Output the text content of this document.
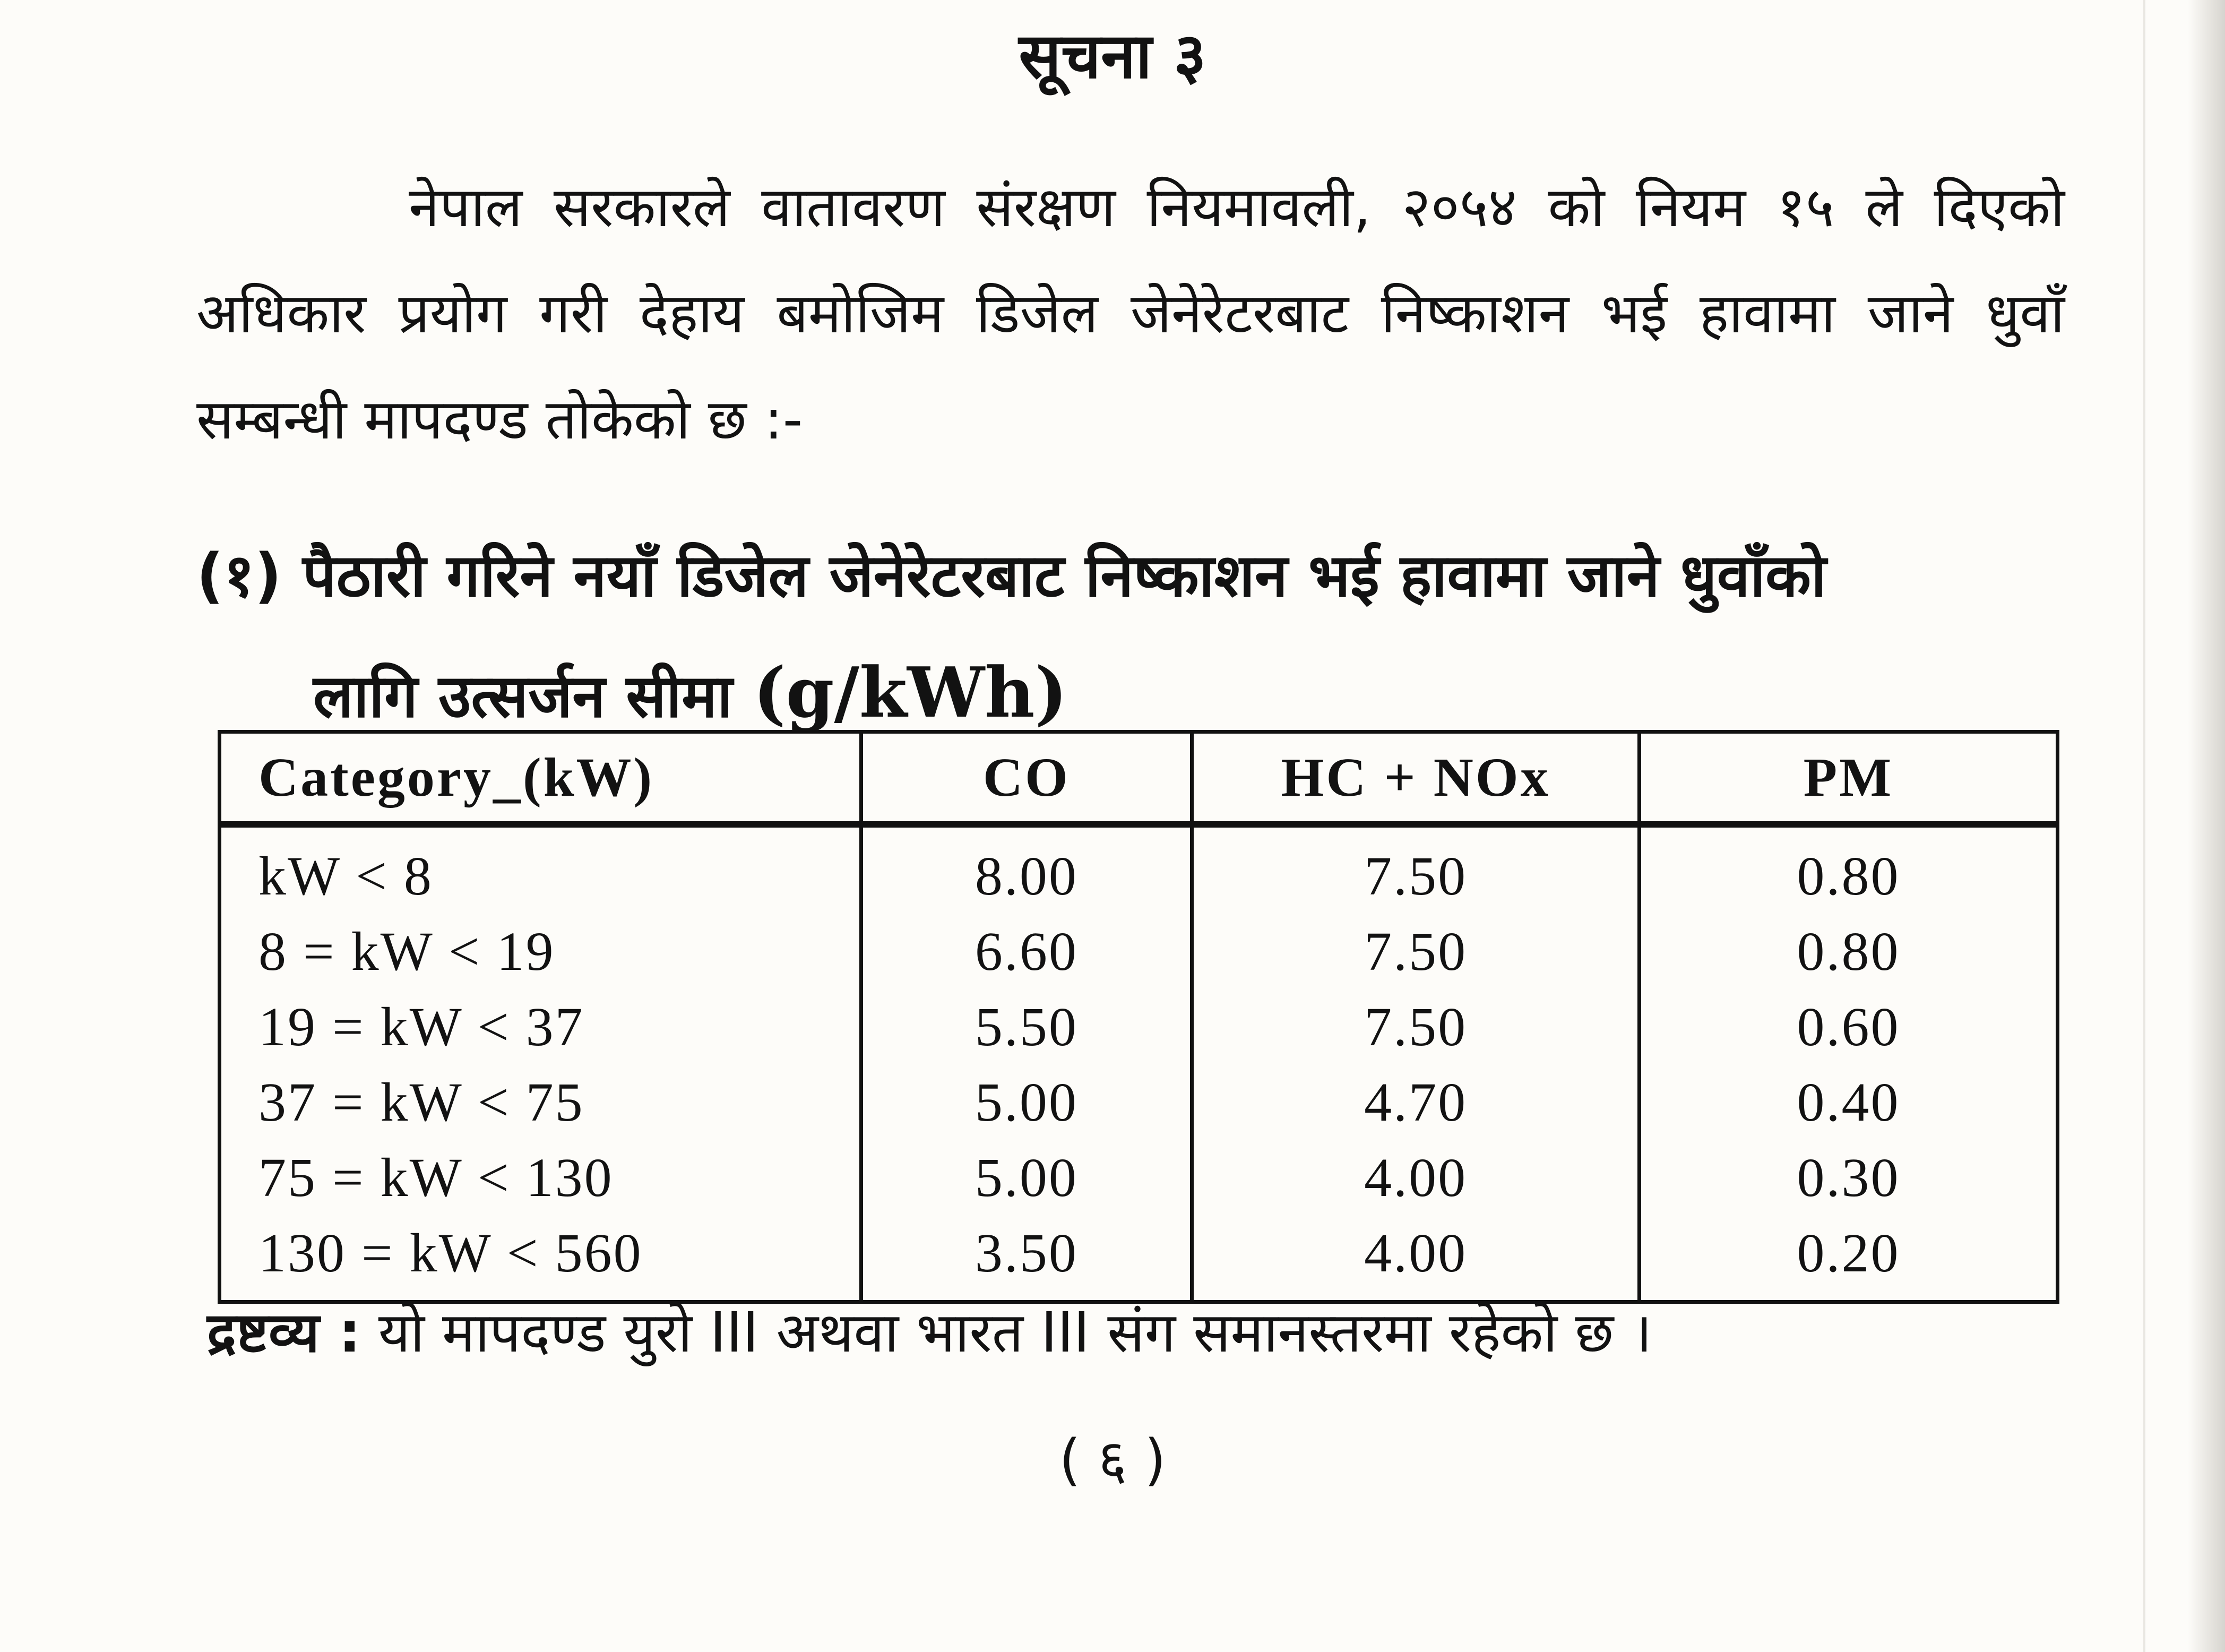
सूचना ३
नेपाल सरकारले वातावरण संरक्षण नियमावली, २०५४ को नियम १५ ले दिएको अधिकार प्रयोग गरी देहाय बमोजिम डिजेल जेनेरेटरबाट निष्काशन भई हावामा जाने धुवाँ सम्बन्धी मापदण्ड तोकेको छ :-
(१) पैठारी गरिने नयाँ डिजेल जेनेरेटरबाट निष्काशन भई हावामा जाने धुवाँको
लागि उत्सर्जन सीमा (g/kWh)
Category_(kW)	CO	HC + NOx	PM
kW < 8	8.00	7.50	0.80
8 = kW < 19	6.60	7.50	0.80
19 = kW < 37	5.50	7.50	0.60
37 = kW < 75	5.00	4.70	0.40
75 = kW < 130	5.00	4.00	0.30
130 = kW < 560	3.50	4.00	0.20
द्रष्टव्य : यो मापदण्ड युरो III अथवा भारत III संग समानस्तरमा रहेको छ ।
( ६ )
